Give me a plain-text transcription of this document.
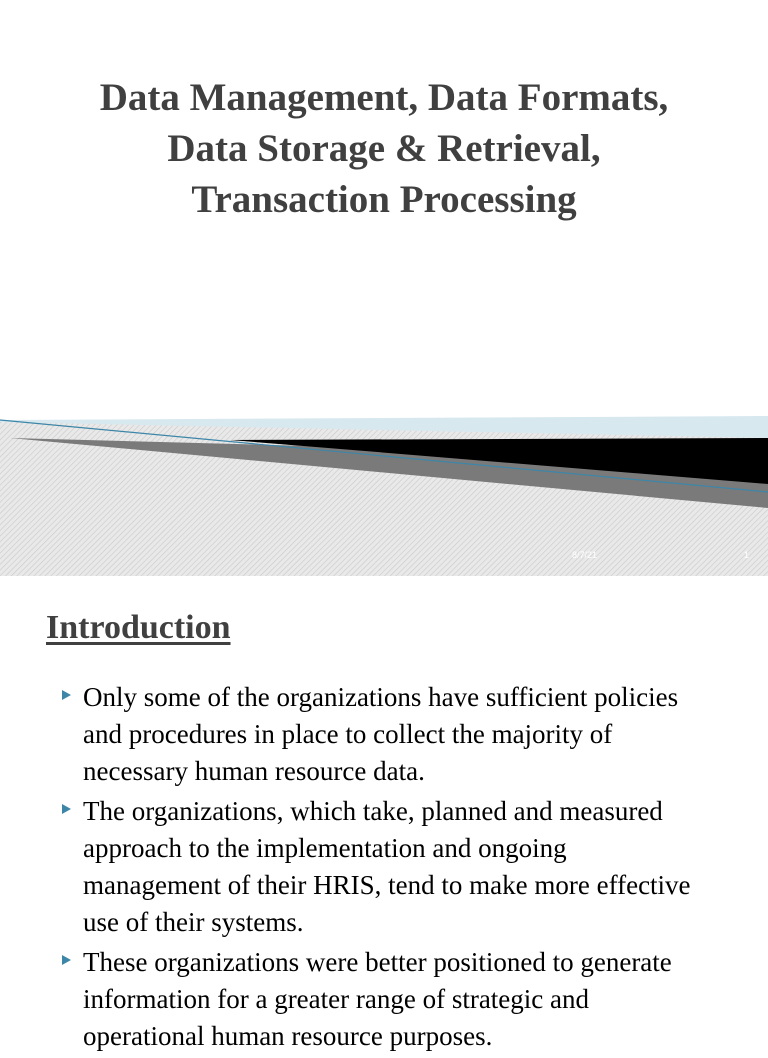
Data Management, Data Formats,
Data Storage & Retrieval,
Transaction Processing
8/7/21	1
Introduction
Only some of the organizations have sufficient policies and procedures in place to collect the majority of necessary human resource data.
The organizations, which take, planned and measured approach to the implementation and ongoing management of their HRIS, tend to make more effective use of their systems.
These organizations were better positioned to generate information for a greater range of strategic and operational human resource purposes.
